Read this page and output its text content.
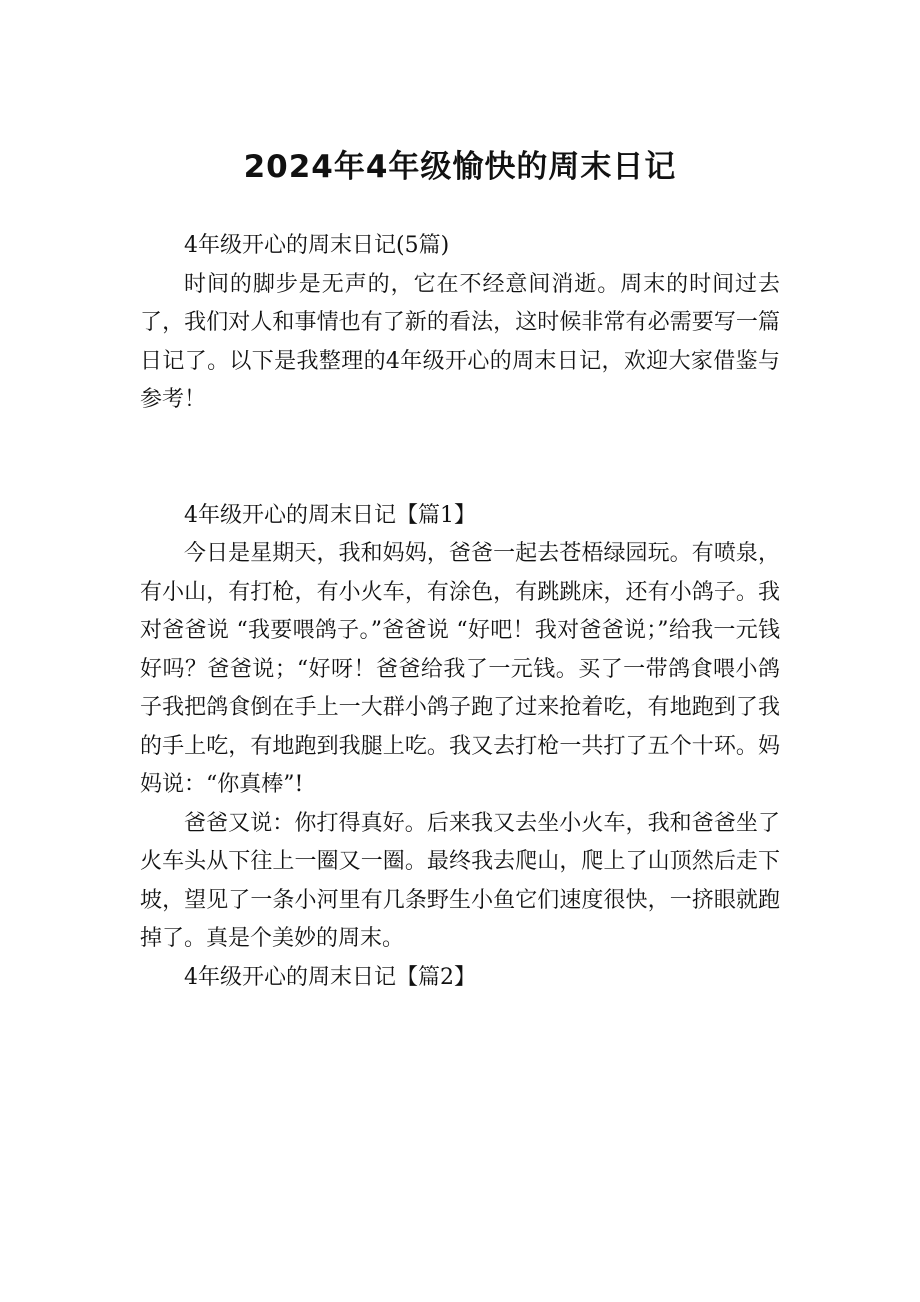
2024年4年级愉快的周末日记

4年级开心的周末日记(5篇)

时间的脚步是无声的，它在不经意间消逝。周末的时间过去了，我们对人和事情也有了新的看法，这时候非常有必需要写一篇日记了。以下是我整理的4年级开心的周末日记，欢迎大家借鉴与参考！

4年级开心的周末日记【篇1】

今日是星期天，我和妈妈，爸爸一起去苍梧绿园玩。有喷泉，有小山，有打枪，有小火车，有涂色，有跳跳床，还有小鸽子。我对爸爸说 “我要喂鸽子。”爸爸说 “好吧！我对爸爸说；”给我一元钱好吗？爸爸说；“好呀！爸爸给我了一元钱。买了一带鸽食喂小鸽子我把鸽食倒在手上一大群小鸽子跑了过来抢着吃，有地跑到了我的手上吃，有地跑到我腿上吃。我又去打枪一共打了五个十环。妈妈说：“你真棒”!

爸爸又说：你打得真好。后来我又去坐小火车，我和爸爸坐了火车头从下往上一圈又一圈。最终我去爬山，爬上了山顶然后走下坡，望见了一条小河里有几条野生小鱼它们速度很快，一挤眼就跑掉了。真是个美妙的周末。

4年级开心的周末日记【篇2】
